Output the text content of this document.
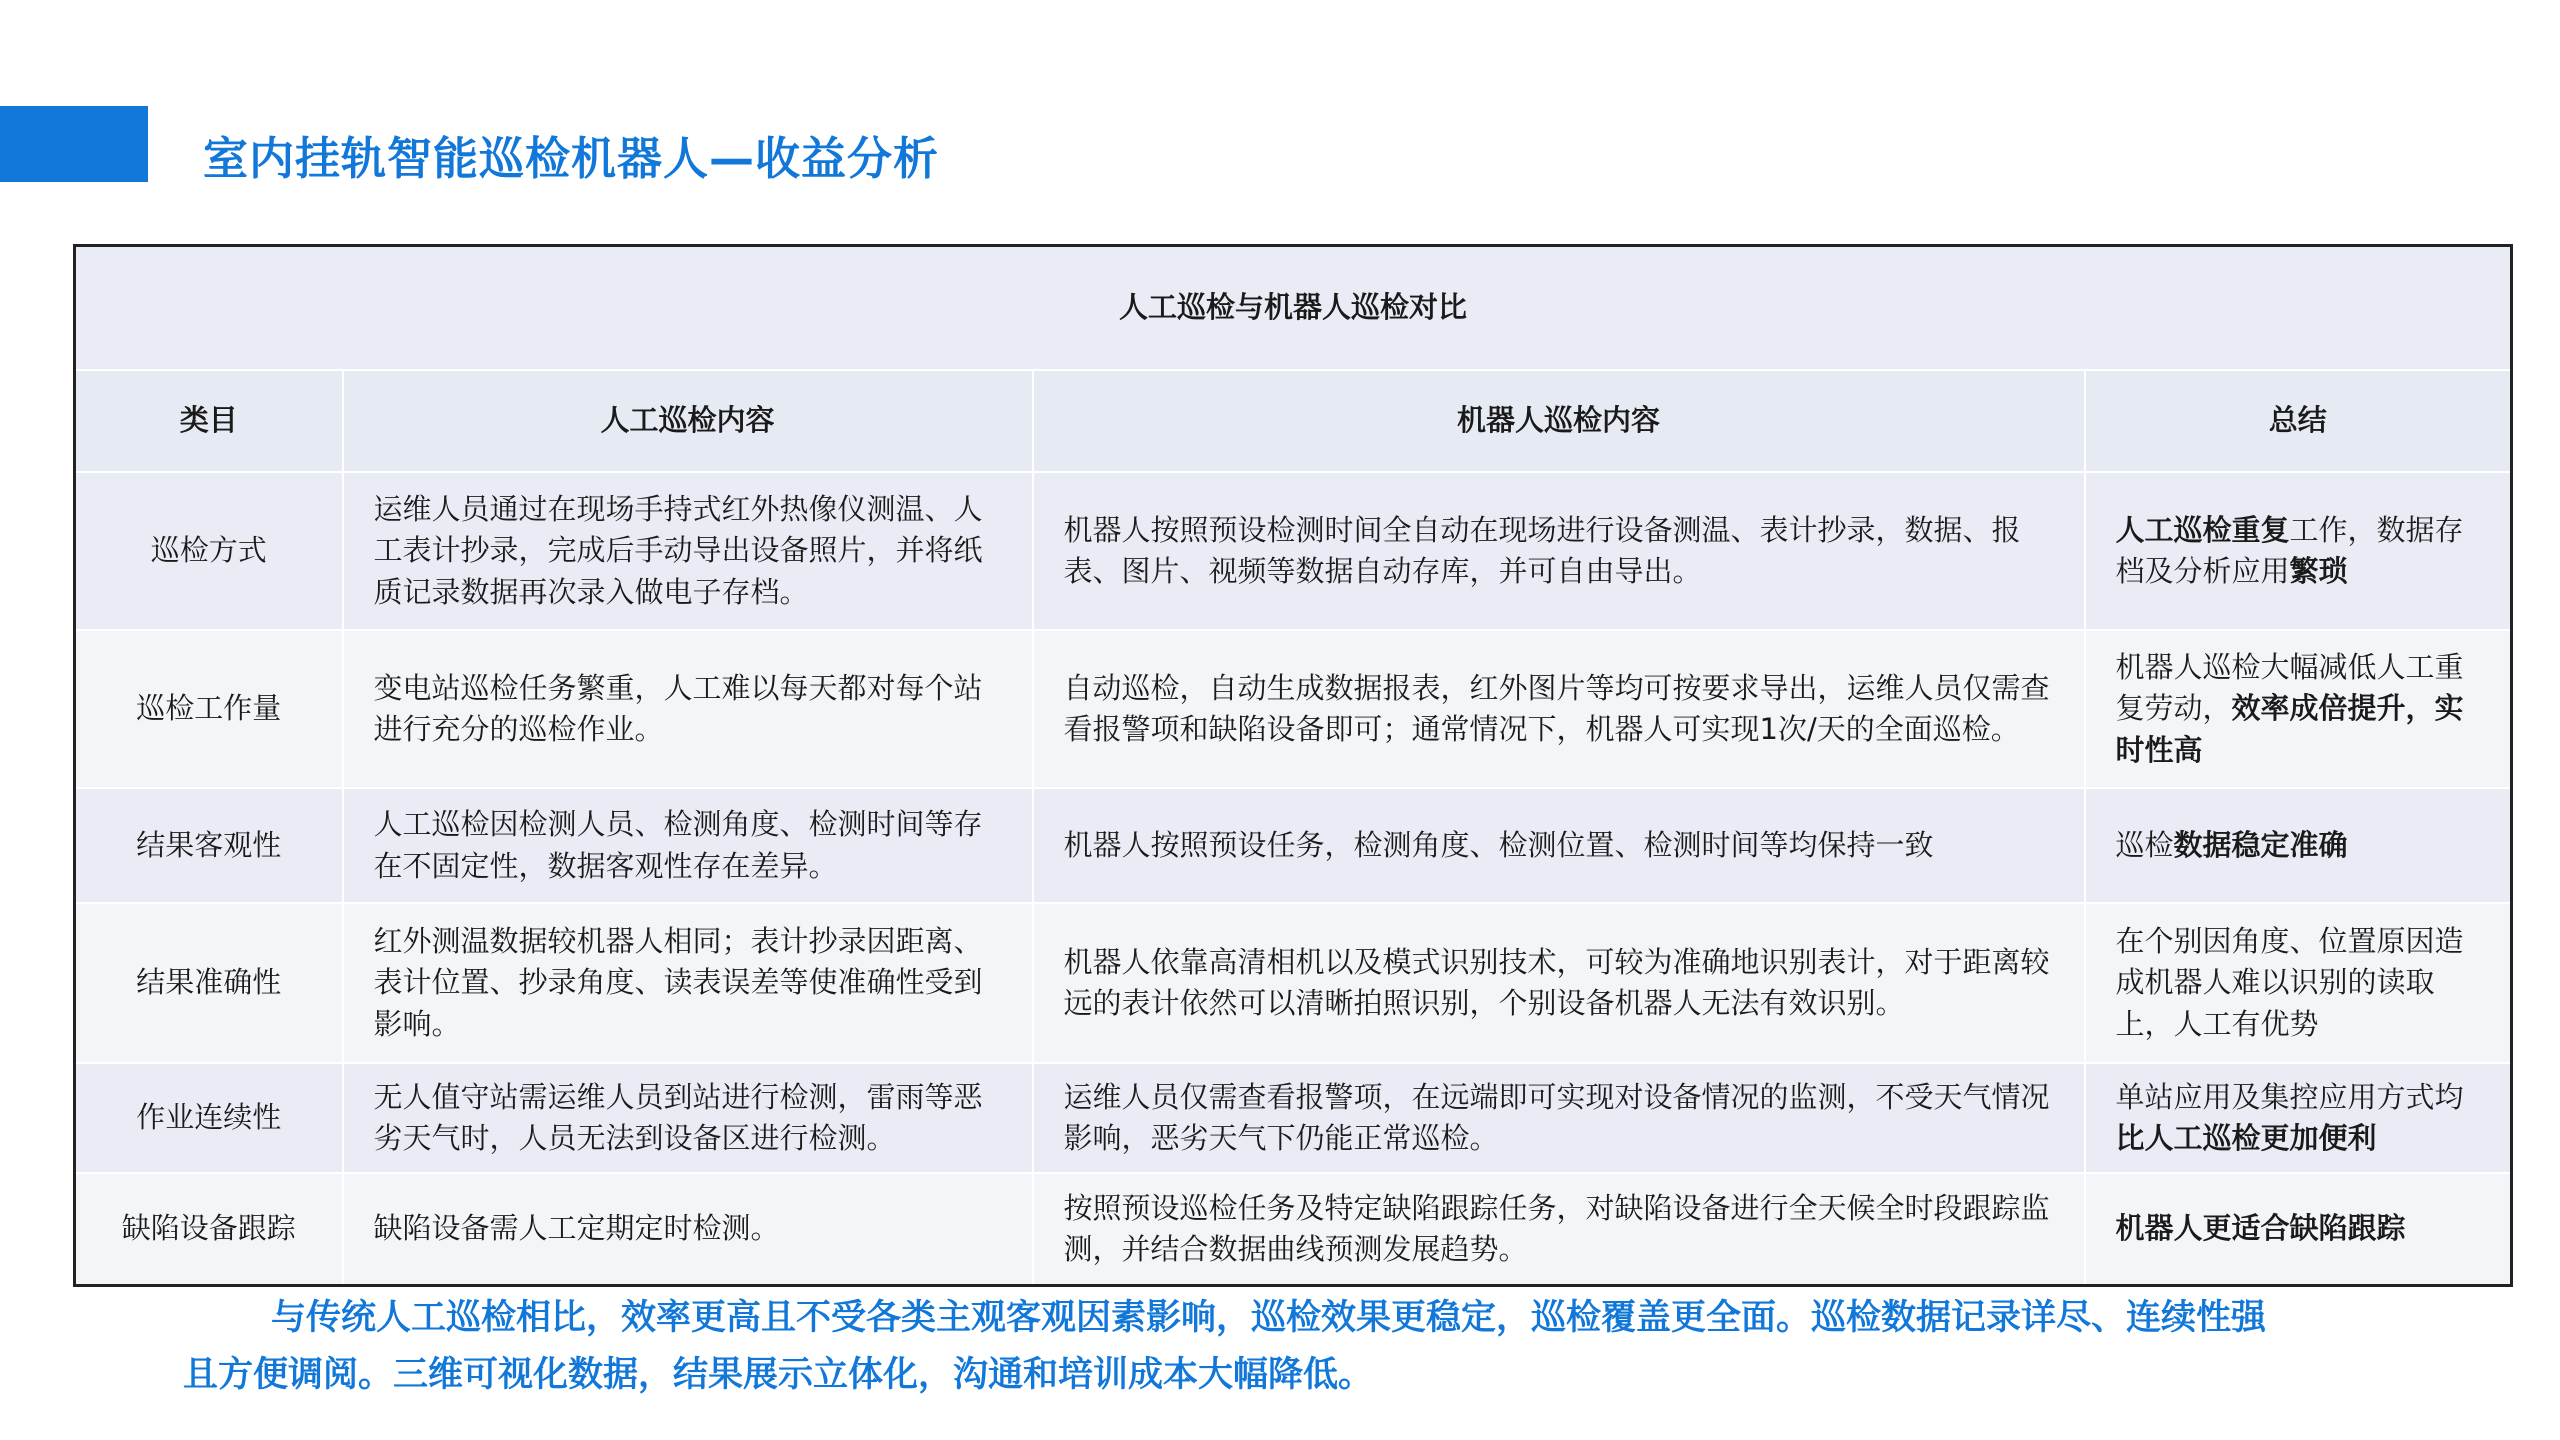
室内挂轨智能巡检机器人—收益分析
人工巡检与机器人巡检对比			
类目	人工巡检内容	机器人巡检内容	总结
巡检方式	运维人员通过在现场手持式红外热像仪测温、人工表计抄录，完成后手动导出设备照片，并将纸质记录数据再次录入做电子存档。	机器人按照预设检测时间全自动在现场进行设备测温、表计抄录，数据、报表、图片、视频等数据自动存库，并可自由导出。	人工巡检重复工作，数据存档及分析应用繁琐
巡检工作量	变电站巡检任务繁重，人工难以每天都对每个站进行充分的巡检作业。	自动巡检，自动生成数据报表，红外图片等均可按要求导出，运维人员仅需查看报警项和缺陷设备即可；通常情况下，机器人可实现1次/天的全面巡检。	机器人巡检大幅减低人工重复劳动，效率成倍提升，实时性高
结果客观性	人工巡检因检测人员、检测角度、检测时间等存在不固定性，数据客观性存在差异。	机器人按照预设任务，检测角度、检测位置、检测时间等均保持一致	巡检数据稳定准确
结果准确性	红外测温数据较机器人相同；表计抄录因距离、表计位置、抄录角度、读表误差等使准确性受到影响。	机器人依靠高清相机以及模式识别技术，可较为准确地识别表计，对于距离较远的表计依然可以清晰拍照识别，个别设备机器人无法有效识别。	在个别因角度、位置原因造成机器人难以识别的读取上，人工有优势
作业连续性	无人值守站需运维人员到站进行检测，雷雨等恶劣天气时，人员无法到设备区进行检测。	运维人员仅需查看报警项，在远端即可实现对设备情况的监测，不受天气情况影响，恶劣天气下仍能正常巡检。	单站应用及集控应用方式均比人工巡检更加便利
缺陷设备跟踪	缺陷设备需人工定期定时检测。	按照预设巡检任务及特定缺陷跟踪任务，对缺陷设备进行全天候全时段跟踪监测，并结合数据曲线预测发展趋势。	机器人更适合缺陷跟踪
与传统人工巡检相比，效率更高且不受各类主观客观因素影响，巡检效果更稳定，巡检覆盖更全面。巡检数据记录详尽、连续性强
且方便调阅。三维可视化数据，结果展示立体化，沟通和培训成本大幅降低。
